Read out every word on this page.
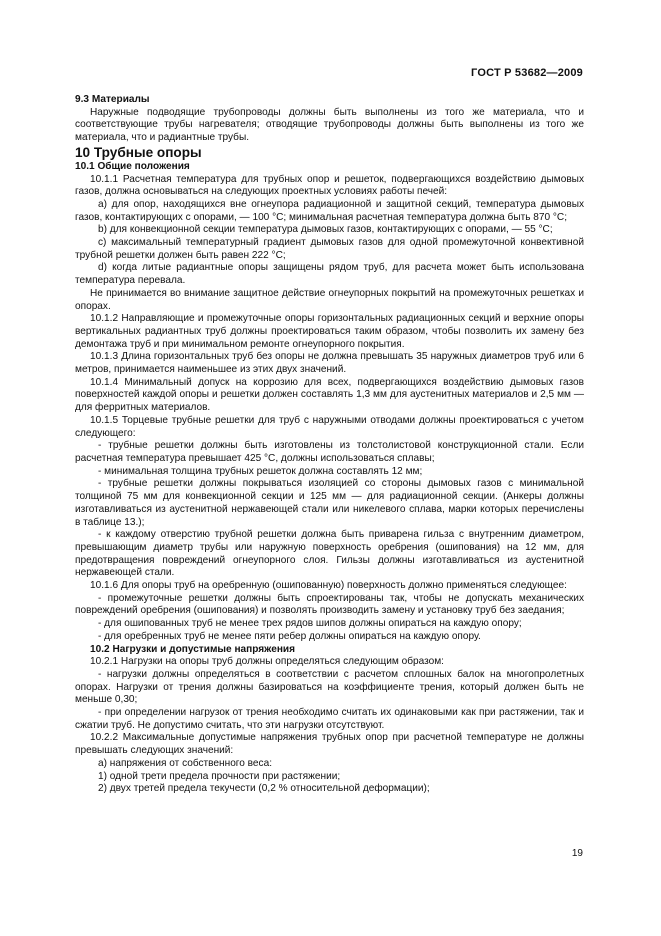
ГОСТ Р 53682—2009

9.3 Материалы

Наружные подводящие трубопроводы должны быть выполнены из того же материала, что и соответствующие трубы нагревателя; отводящие трубопроводы должны быть выполнены из того же материала, что и радиантные трубы.

10 Трубные опоры

10.1 Общие положения

10.1.1 Расчетная температура для трубных опор и решеток, подвергающихся воздействию дымовых газов, должна основываться на следующих проектных условиях работы печей:

a) для опор, находящихся вне огнеупора радиационной и защитной секций, температура дымовых газов, контактирующих с опорами, — 100 °C; минимальная расчетная температура должна быть 870 °C;

b) для конвекционной секции температура дымовых газов, контактирующих с опорами, — 55 °C;

c) максимальный температурный градиент дымовых газов для одной промежуточной конвективной трубной решетки должен быть равен 222 °C;

d) когда литые радиантные опоры защищены рядом труб, для расчета может быть использована температура перевала.

Не принимается во внимание защитное действие огнеупорных покрытий на промежуточных решетках и опорах.

10.1.2 Направляющие и промежуточные опоры горизонтальных радиационных секций и верхние опоры вертикальных радиантных труб должны проектироваться таким образом, чтобы позволить их замену без демонтажа труб и при минимальном ремонте огнеупорного покрытия.

10.1.3 Длина горизонтальных труб без опоры не должна превышать 35 наружных диаметров труб или 6 метров, принимается наименьшее из этих двух значений.

10.1.4 Минимальный допуск на коррозию для всех, подвергающихся воздействию дымовых газов поверхностей каждой опоры и решетки должен составлять 1,3 мм для аустенитных материалов и 2,5 мм — для ферритных материалов.

10.1.5 Торцевые трубные решетки для труб с наружными отводами должны проектироваться с учетом следующего:

- трубные решетки должны быть изготовлены из толстолистовой конструкционной стали. Если расчетная температура превышает 425 °C, должны использоваться сплавы;

- минимальная толщина трубных решеток должна составлять 12 мм;

- трубные решетки должны покрываться изоляцией со стороны дымовых газов с минимальной толщиной 75 мм для конвекционной секции и 125 мм — для радиационной секции. (Анкеры должны изготавливаться из аустенитной нержавеющей стали или никелевого сплава, марки которых перечислены в таблице 13.);

- к каждому отверстию трубной решетки должна быть приварена гильза с внутренним диаметром, превышающим диаметр трубы или наружную поверхность оребрения (ошипования) на 12 мм, для предотвращения повреждений огнеупорного слоя. Гильзы должны изготавливаться из аустенитной нержавеющей стали.

10.1.6 Для опоры труб на оребренную (ошипованную) поверхность должно применяться следующее:

- промежуточные решетки должны быть спроектированы так, чтобы не допускать механических повреждений оребрения (ошипования) и позволять производить замену и установку труб без заедания;

- для ошипованных труб не менее трех рядов шипов должны опираться на каждую опору;

- для оребренных труб не менее пяти ребер должны опираться на каждую опору.

10.2 Нагрузки и допустимые напряжения

10.2.1 Нагрузки на опоры труб должны определяться следующим образом:

- нагрузки должны определяться в соответствии с расчетом сплошных балок на многопролетных опорах. Нагрузки от трения должны базироваться на коэффициенте трения, который должен быть не меньше 0,30;

- при определении нагрузок от трения необходимо считать их одинаковыми как при растяжении, так и сжатии труб. Не допустимо считать, что эти нагрузки отсутствуют.

10.2.2 Максимальные допустимые напряжения трубных опор при расчетной температуре не должны превышать следующих значений:

a) напряжения от собственного веса:

1) одной трети предела прочности при растяжении;

2) двух третей предела текучести (0,2 % относительной деформации);

19
